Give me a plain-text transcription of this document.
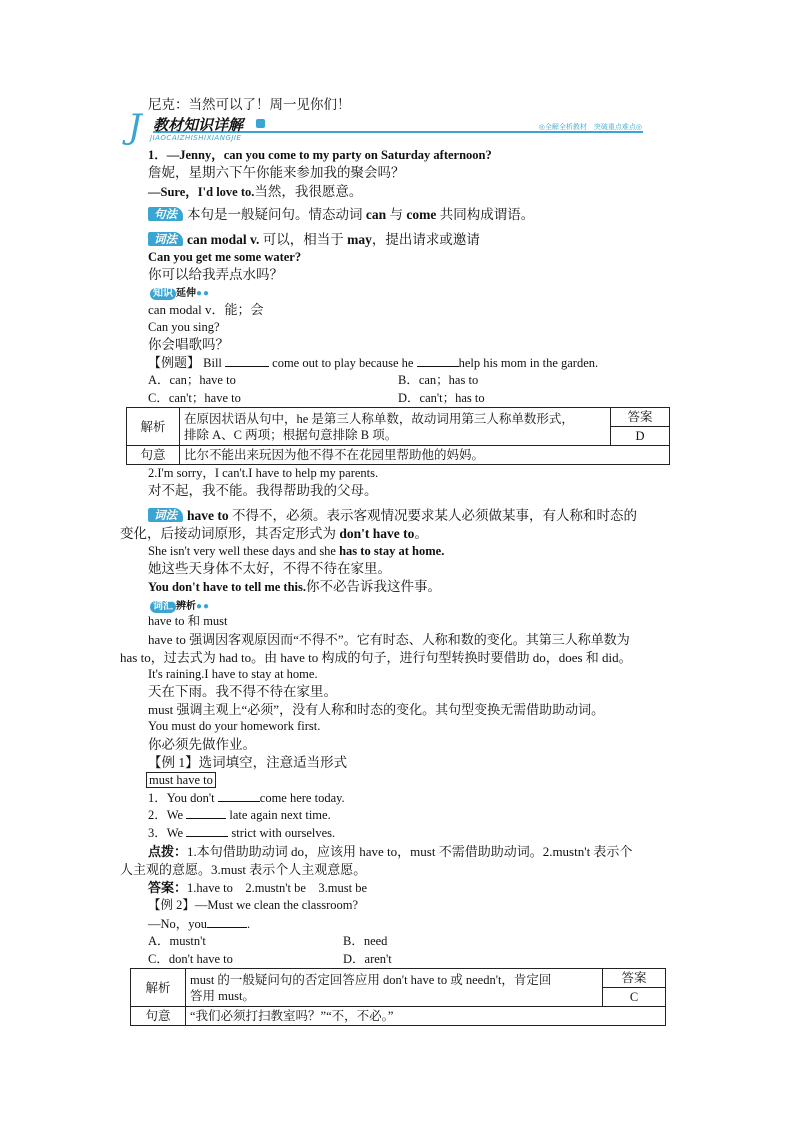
尼克：当然可以了！周一见你们！
J 教材知识详解
JIAOCAIZHISHIXIANGJIE
◎全解全析教材　突破重点难点◎
1．—Jenny，can you come to my party on Saturday afternoon?
詹妮，星期六下午你能来参加我的聚会吗？
—Sure，I'd love to.当然，我很愿意。
句法 本句是一般疑问句。情态动词 can 与 come 共同构成谓语。
词法 can modal v. 可以，相当于 may，提出请求或邀请
Can you get me some water?
你可以给我弄点水吗？
知识 延伸●●
can modal v．能；会
Can you sing?
你会唱歌吗？
【例题】 Bill	come out to play because he	help his mom in the garden.
A．can；have to	B．can；has to
C．can't；have to	D．can't；has to
解析	在原因状语从句中，he 是第三人称单数，故动词用第三人称单数形式，
排除 A、C 两项；根据句意排除 B 项。	答案
		D
句意	比尔不能出来玩因为他不得不在花园里帮助他的妈妈。	
2.I'm sorry，I can't.I have to help my parents.
对不起，我不能。我得帮助我的父母。
词法 have to 不得不，必须。表示客观情况要求某人必须做某事，有人称和时态的
变化，后接动词原形，其否定形式为 don't have to。
She isn't very well these days and she has to stay at home.
她这些天身体不太好，不得不待在家里。
You don't have to tell me this.你不必告诉我这件事。
词汇 辨析●●
have to 和 must
have to 强调因客观原因而“不得不”。它有时态、人称和数的变化。其第三人称单数为
has to，过去式为 had to。由 have to 构成的句子，进行句型转换时要借助 do，does 和 did。
It's raining.I have to stay at home.
天在下雨。我不得不待在家里。
must 强调主观上“必须”，没有人称和时态的变化。其句型变换无需借助助动词。
You must do your homework first.
你必须先做作业。
【例 1】选词填空，注意适当形式
must have to
1．You don't	come here today.
2．We	late again next time.
3．We	strict with ourselves.
点拨：1.本句借助助动词 do，应该用 have to，must 不需借助助动词。2.mustn't 表示个
人主观的意愿。3.must 表示个人主观意愿。
答案：1.have to　2.mustn't be　3.must be
【例 2】—Must we clean the classroom?
—No，you	.
A．mustn't	B．need
C．don't have to	D．aren't
解析	must 的一般疑问句的否定回答应用 don't have to 或 needn't，肯定回
答用 must。	答案
		C
句意	“我们必须打扫教室吗？”“不，不必。”	
